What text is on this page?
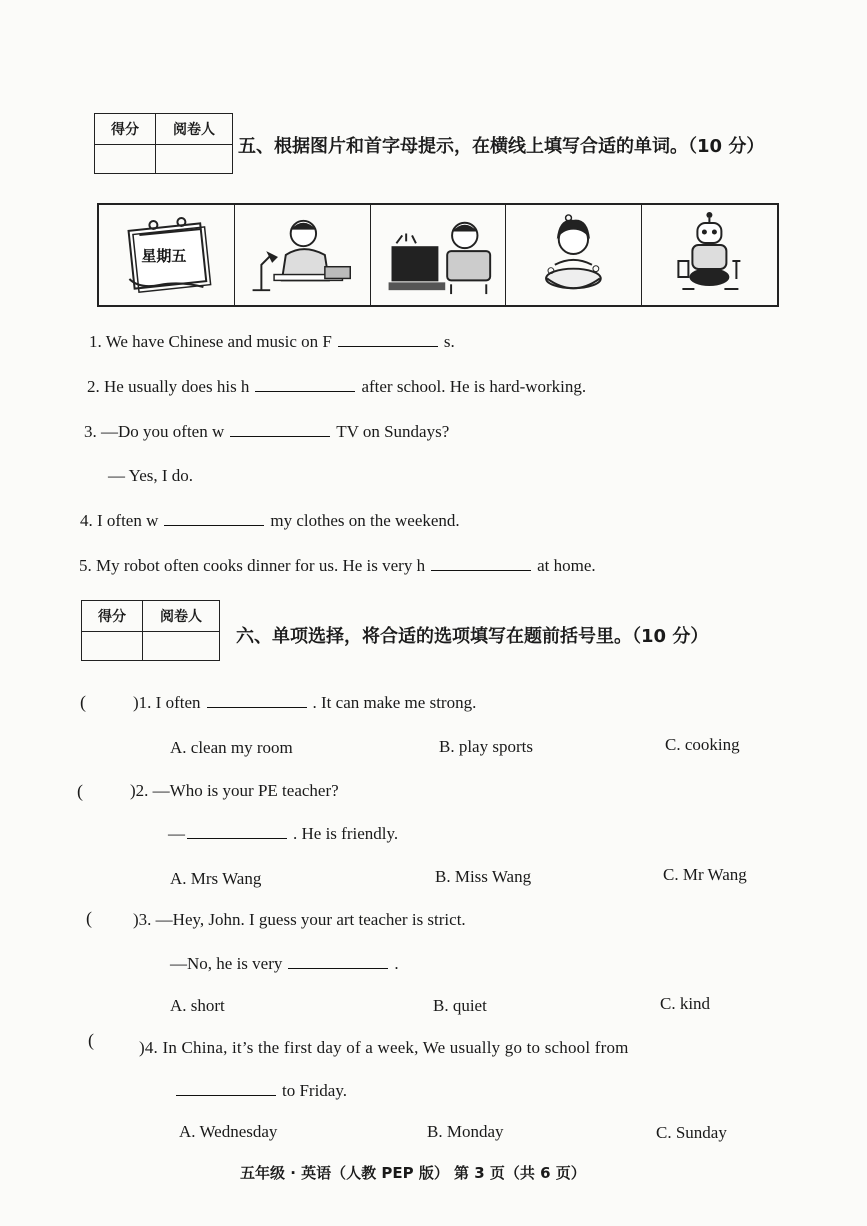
得分	阅卷人

五、根据图片和首字母提示，在横线上填写合适的单词。（10 分）
星期五
1. We have Chinese and music on F	s.
2. He usually does his h	after school. He is hard-working.
3. —Do you often w	TV on Sundays?
— Yes, I do.
4. I often w	my clothes on the weekend.
5. My robot often cooks dinner for us. He is very h	at home.
得分	阅卷人

六、单项选择，将合适的选项填写在题前括号里。（10 分）
(	)1. I often	. It can make me strong.
A. clean my room	B. play sports	C. cooking
(	)2. —Who is your PE teacher?
—	. He is friendly.
A. Mrs Wang	B. Miss Wang	C. Mr Wang
( )3. —Hey, John. I guess your art teacher is strict.
—No, he is very	.
A. short	B. quiet	C. kind
(	)4. In China, it’s the first day of a week, We usually go to school from
to Friday.
A. Wednesday	B. Monday	C. Sunday
五年级 · 英语（人教 PEP 版） 第 3 页（共 6 页）
